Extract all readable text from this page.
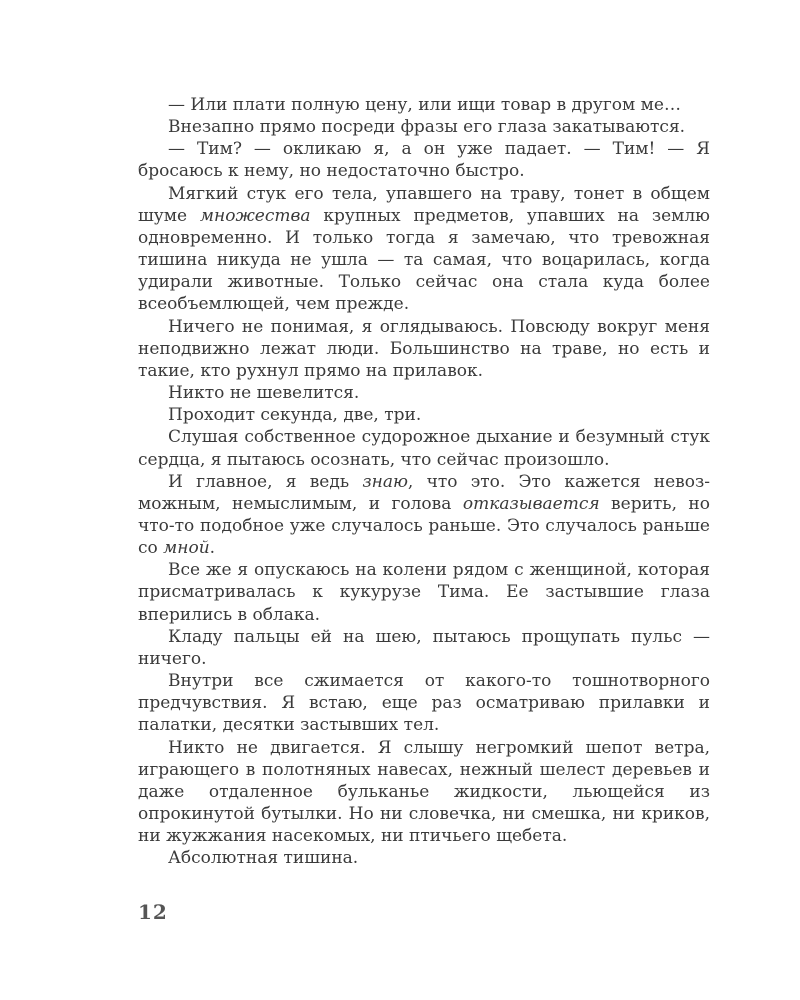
— Или плати полную цену, или ищи товар в другом ме…

Внезапно прямо посреди фразы его глаза закатываются.

— Тим? — окликаю я, а он уже падает. — Тим! — Я бросаюсь к нему, но недостаточно быстро.

Мягкий стук его тела, упавшего на траву, тонет в общем шуме множества крупных предметов, упавших на землю одновременно. И только тогда я замечаю, что тревожная тишина никуда не ушла — та самая, что воцарилась, когда удирали животные. Только сейчас она стала куда более всеобъемлющей, чем прежде.

Ничего не понимая, я оглядываюсь. Повсюду вокруг меня неподвижно лежат люди. Большинство на траве, но есть и такие, кто рухнул прямо на прилавок.

Никто не шевелится.

Проходит секунда, две, три.

Слушая собственное судорожное дыхание и безумный стук сердца, я пытаюсь осознать, что сейчас произошло.

И главное, я ведь знаю, что это. Это кажется невозможным, немыслимым, и голова отказывается верить, но что-то подобное уже случалось раньше. Это случалось раньше со мной.

Все же я опускаюсь на колени рядом с женщиной, которая присматривалась к кукурузе Тима. Ее застывшие глаза вперились в облака.

Кладу пальцы ей на шею, пытаюсь прощупать пульс — ничего.

Внутри все сжимается от какого-то тошнотворного предчувствия. Я встаю, еще раз осматриваю прилавки и палатки, десятки застывших тел.

Никто не двигается. Я слышу негромкий шепот ветра, играющего в полотняных навесах, нежный шелест деревьев и даже отдаленное бульканье жидкости, льющейся из опрокинутой бутылки. Но ни словечка, ни смешка, ни криков, ни жужжания насекомых, ни птичьего щебета.

Абсолютная тишина.

12
